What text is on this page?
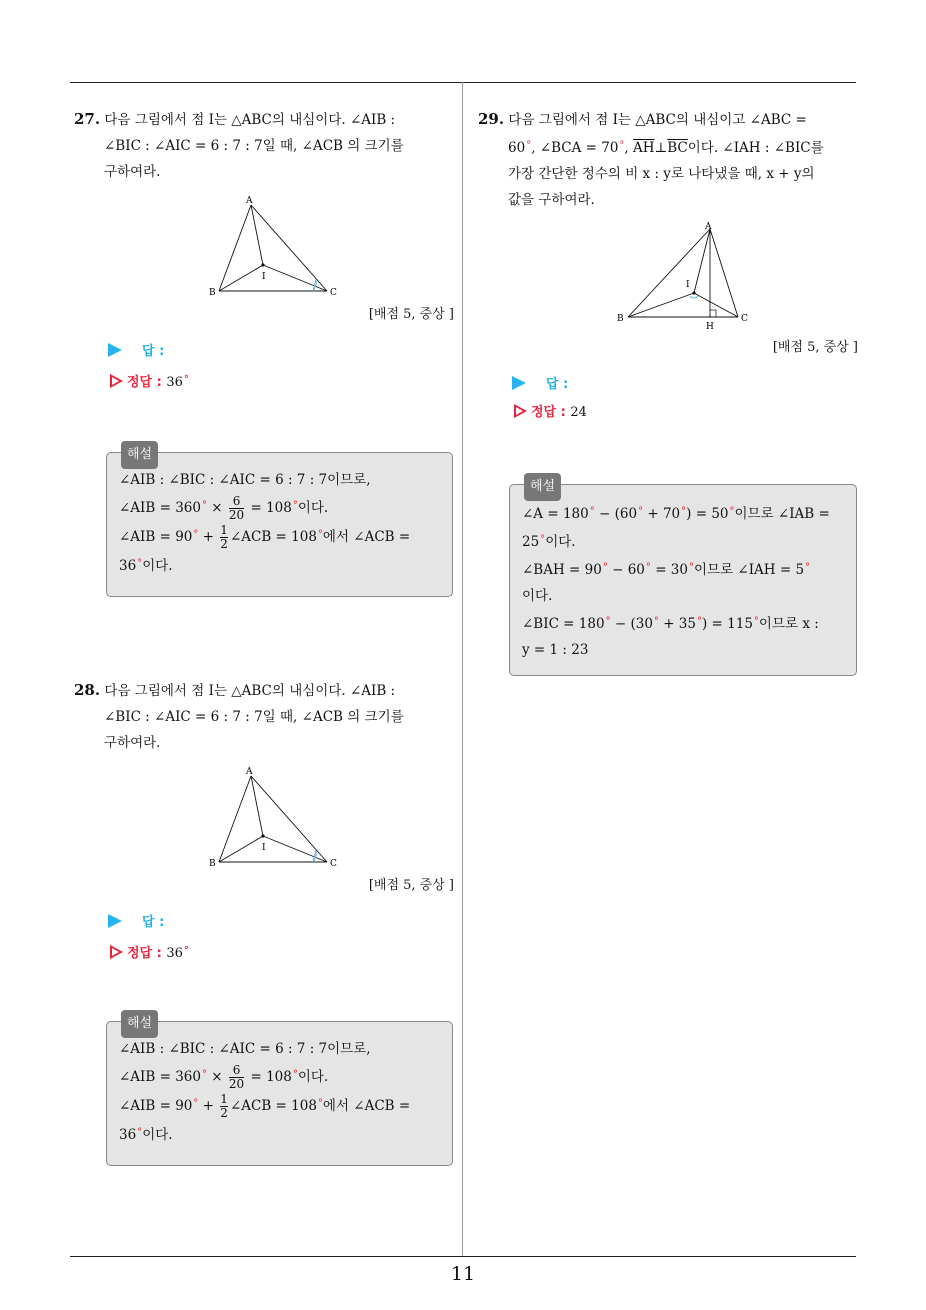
27. 다음 그림에서 점 I는 △ABC의 내심이다. ∠AIB :
∠BIC : ∠AIC = 6 : 7 : 7일 때, ∠ACB 의 크기를
구하여라.
A
B	C
I
[배점 5, 중상 ]
답 :
정답 : 36°
해설
∠AIB : ∠BIC : ∠AIC = 6 : 7 : 7이므로,
∠AIB = $360^\circ \times \frac{6}{20} = 108^\circ$이다.
∠AIB = $90^\circ + \frac{1}{2}$ ∠ACB = 108°에서 ∠ACB =
36°이다.
28. 다음 그림에서 점 I는 △ABC의 내심이다. ∠AIB :
∠BIC : ∠AIC = 6 : 7 : 7일 때, ∠ACB 의 크기를
구하여라.
A
B	C
I
[배점 5, 중상 ]
답 :
정답 : 36°
해설
∠AIB : ∠BIC : ∠AIC = 6 : 7 : 7이므로,
∠AIB = $360^\circ \times \frac{6}{20} = 108^\circ$이다.
∠AIB = $90^\circ + \frac{1}{2}$ ∠ACB = 108°에서 ∠ACB =
36°이다.
29. 다음 그림에서 점 I는 △ABC의 내심이고 ∠ABC =
60°, ∠BCA = 70°, $\overline{AH}\perp\overline{BC}$이다. ∠IAH : ∠BIC를
가장 간단한 정수의 비 x : y로 나타냈을 때, x + y의
값을 구하여라.
A
B	C
I
H
[배점 5, 중상 ]
답 :
정답 : 24
해설
∠A = 180° − (60° + 70°) = 50°이므로 ∠IAB =
25°이다.
∠BAH = 90° − 60° = 30°이므로 ∠IAH = 5°
이다.
∠BIC = 180° − (30° + 35°) = 115°이므로 x :
y = 1 : 23
11
